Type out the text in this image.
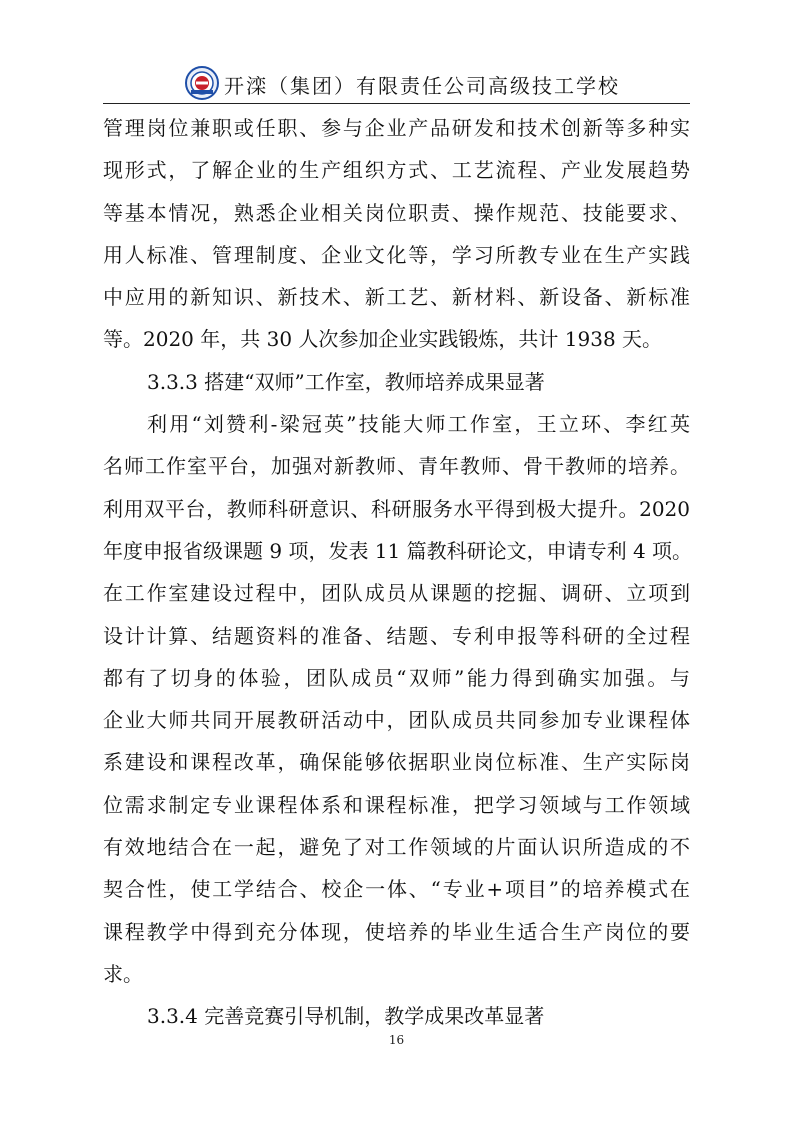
开滦（集团）有限责任公司高级技工学校
管理岗位兼职或任职、参与企业产品研发和技术创新等多种实
现形式，了解企业的生产组织方式、工艺流程、产业发展趋势
等基本情况，熟悉企业相关岗位职责、操作规范、技能要求、
用人标准、管理制度、企业文化等，学习所教专业在生产实践
中应用的新知识、新技术、新工艺、新材料、新设备、新标准
等。2020 年，共 30 人次参加企业实践锻炼，共计 1938 天。
3.3.3 搭建“双师”工作室，教师培养成果显著
利用“刘赞利-梁冠英”技能大师工作室，王立环、李红英
名师工作室平台，加强对新教师、青年教师、骨干教师的培养。
利用双平台，教师科研意识、科研服务水平得到极大提升。2020
年度申报省级课题 9 项，发表 11 篇教科研论文，申请专利 4 项。
在工作室建设过程中，团队成员从课题的挖掘、调研、立项到
设计计算、结题资料的准备、结题、专利申报等科研的全过程
都有了切身的体验，团队成员“双师”能力得到确实加强。与
企业大师共同开展教研活动中，团队成员共同参加专业课程体
系建设和课程改革，确保能够依据职业岗位标准、生产实际岗
位需求制定专业课程体系和课程标准，把学习领域与工作领域
有效地结合在一起，避免了对工作领域的片面认识所造成的不
契合性，使工学结合、校企一体、“专业+项目”的培养模式在
课程教学中得到充分体现，使培养的毕业生适合生产岗位的要
求。
3.3.4 完善竞赛引导机制，教学成果改革显著
16
